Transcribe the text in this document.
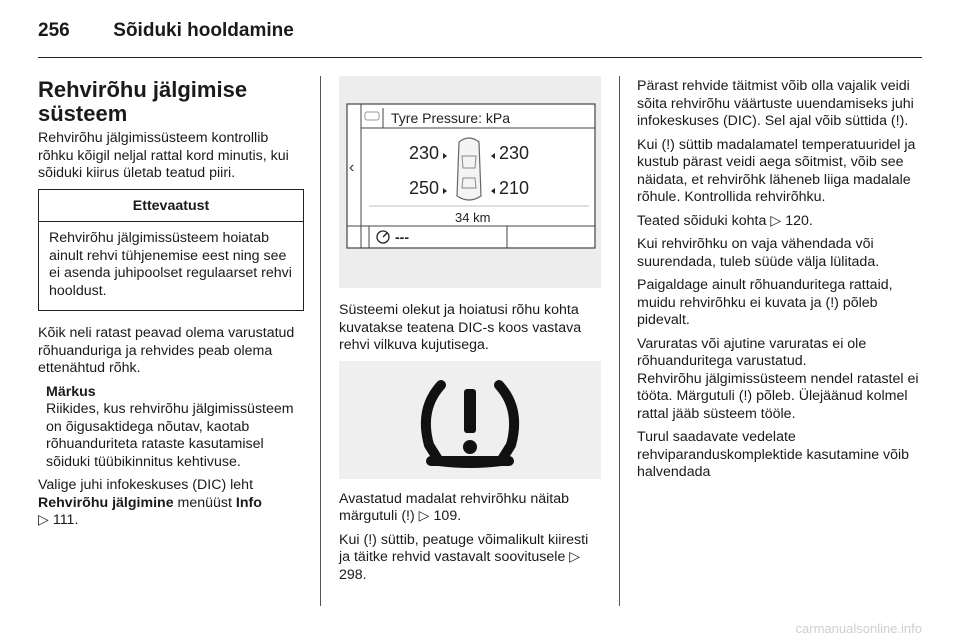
256 Sõiduki hooldamine
Rehvirõhu jälgimise süsteem

Rehvirõhu jälgimissüsteem kontrollib rõhku kõigil neljal rattal kord minutis, kui sõiduki kiirus ületab teatud piiri.

Ettevaatust
Rehvirõhu jälgimissüsteem hoiatab ainult rehvi tühjenemise eest ning see ei asenda juhipoolset regulaarset rehvi hooldust.

Kõik neli ratast peavad olema varustatud rõhuanduriga ja rehvides peab olema ettenähtud rõhk.

Märkus

Riikides, kus rehvirõhu jälgimissüsteem on õigusaktidega nõutav, kaotab rõhuanduriteta rataste kasutamisel sõiduki tüübikinnitus kehtivuse.

Valige juhi infokeskuses (DIC) leht Rehvirõhu jälgimine menüüst Info
▷ 111.

‹
Tyre Pressure: kPa
230	230
250	210
34 km
---

Süsteemi olekut ja hoiatusi rõhu kohta kuvatakse teatena DIC-s koos vastava rehvi vilkuva kujutisega.

Avastatud madalat rehvirõhku näitab märgutuli (!) ▷ 109.

Kui (!) süttib, peatuge võimalikult kiiresti ja täitke rehvid vastavalt soovitusele ▷ 298.

Pärast rehvide täitmist võib olla vajalik veidi sõita rehvirõhu väärtuste uuendamiseks juhi infokeskuses (DIC). Sel ajal võib süttida (!).

Kui (!) süttib madalamatel temperatuuridel ja kustub pärast veidi aega sõitmist, võib see näidata, et rehvirõhk läheneb liiga madalale rõhule. Kontrollida rehvirõhku.

Teated sõiduki kohta ▷ 120.

Kui rehvirõhku on vaja vähendada või suurendada, tuleb süüde välja lülitada.

Paigaldage ainult rõhuanduritega rattaid, muidu rehvirõhku ei kuvata ja (!) põleb pidevalt.

Varuratas või ajutine varuratas ei ole rõhuanduritega varustatud.

Rehvirõhu jälgimissüsteem nendel ratastel ei tööta. Märgutuli (!) põleb. Ülejäänud kolmel rattal jääb süsteem tööle.

Turul saadavate vedelate rehviparanduskomplektide kasutamine võib halvendada

carmanualsonline.info
